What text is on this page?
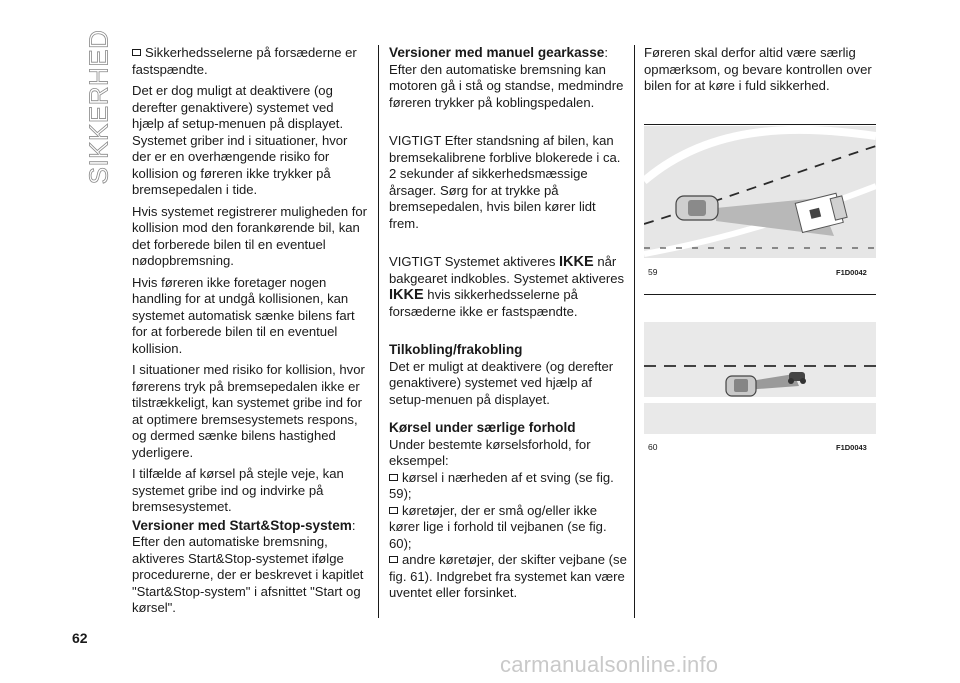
SIKKERHED	Sikkerhedsselerne på forsæderne er fastspændte.

Det er dog muligt at deaktivere (og derefter genaktivere) systemet ved hjælp af setup-menuen på displayet. Systemet griber ind i situationer, hvor der er en overhængende risiko for kollision og føreren ikke trykker på bremsepedalen i tide.

Hvis systemet registrerer muligheden for kollision mod den forankørende bil, kan det forberede bilen til en eventuel nødopbremsning.

Hvis føreren ikke foretager nogen handling for at undgå kollisionen, kan systemet automatisk sænke bilens fart for at forberede bilen til en eventuel kollision.

I situationer med risiko for kollision, hvor førerens tryk på bremsepedalen ikke er tilstrækkeligt, kan systemet gribe ind for at optimere bremsesystemets respons, og dermed sænke bilens hastighed yderligere.

I tilfælde af kørsel på stejle veje, kan systemet gribe ind og indvirke på bremsesystemet.

Versioner med Start&Stop-system:

Efter den automatiske bremsning, aktiveres Start&Stop-systemet ifølge procedurerne, der er beskrevet i kapitlet "Start&Stop-system" i afsnittet "Start og kørsel".

Versioner med manuel gearkasse:

Efter den automatiske bremsning kan motoren gå i stå og standse, medmindre føreren trykker på koblingspedalen.

VIGTIGT Efter standsning af bilen, kan bremsekalibrene forblive blokerede i ca. 2 sekunder af sikkerhedsmæssige årsager. Sørg for at trykke på bremsepedalen, hvis bilen kører lidt frem.

VIGTIGT Systemet aktiveres IKKE når bakgearet indkobles. Systemet aktiveres IKKE hvis sikkerhedsselerne på forsæderne ikke er fastspændte.

Tilkobling/frakobling

Det er muligt at deaktivere (og derefter genaktivere) systemet ved hjælp af setup-menuen på displayet.

Kørsel under særlige forhold

Under bestemte kørselsforhold, for eksempel:

kørsel i nærheden af et sving (se fig. 59);

køretøjer, der er små og/eller ikke kører lige i forhold til vejbanen (se fig. 60);

andre køretøjer, der skifter vejbane (se fig. 61). Indgrebet fra systemet kan være uventet eller forsinket.

Føreren skal derfor altid være særlig opmærksom, og bevare kontrollen over bilen for at køre i fuld sikkerhed.

59	F1D0042
60	F1D0043
62
carmanualsonline.info
